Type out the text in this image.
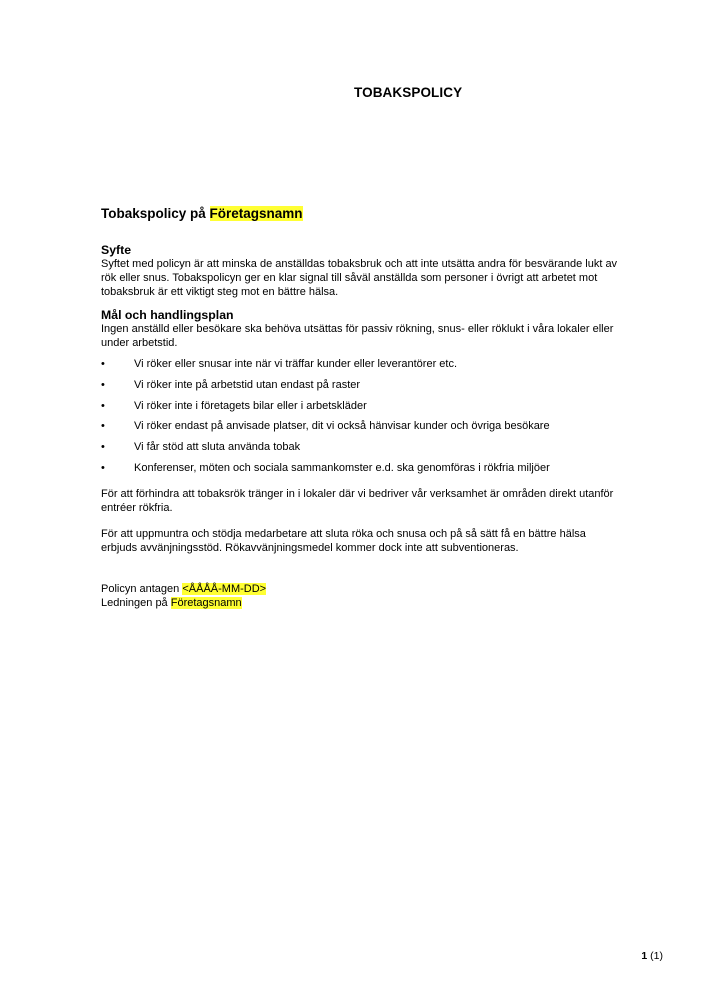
TOBAKSPOLICY
Tobakspolicy på Företagsnamn
Syfte

Syftet med policyn är att minska de anställdas tobaksbruk och att inte utsätta andra för besvärande lukt av rök eller snus. Tobakspolicyn ger en klar signal till såväl anställda som personer i övrigt att arbetet mot tobaksbruk är ett viktigt steg mot en bättre hälsa.

Mål och handlingsplan

Ingen anställd eller besökare ska behöva utsättas för passiv rökning, snus- eller röklukt i våra lokaler eller under arbetstid.

•	Vi röker eller snusar inte när vi träffar kunder eller leverantörer etc.
•	Vi röker inte på arbetstid utan endast på raster
•	Vi röker inte i företagets bilar eller i arbetskläder
•	Vi röker endast på anvisade platser, dit vi också hänvisar kunder och övriga besökare
•	Vi får stöd att sluta använda tobak
•	Konferenser, möten och sociala sammankomster e.d. ska genomföras i rökfria miljöer

För att förhindra att tobaksrök tränger in i lokaler där vi bedriver vår verksamhet är områden direkt utanför entréer rökfria.

För att uppmuntra och stödja medarbetare att sluta röka och snusa och på så sätt få en bättre hälsa erbjuds avvänjningsstöd. Rökavvänjningsmedel kommer dock inte att subventioneras.

Policyn antagen <ÅÅÅÅ-MM-DD>
Ledningen på Företagsnamn
1 (1)
